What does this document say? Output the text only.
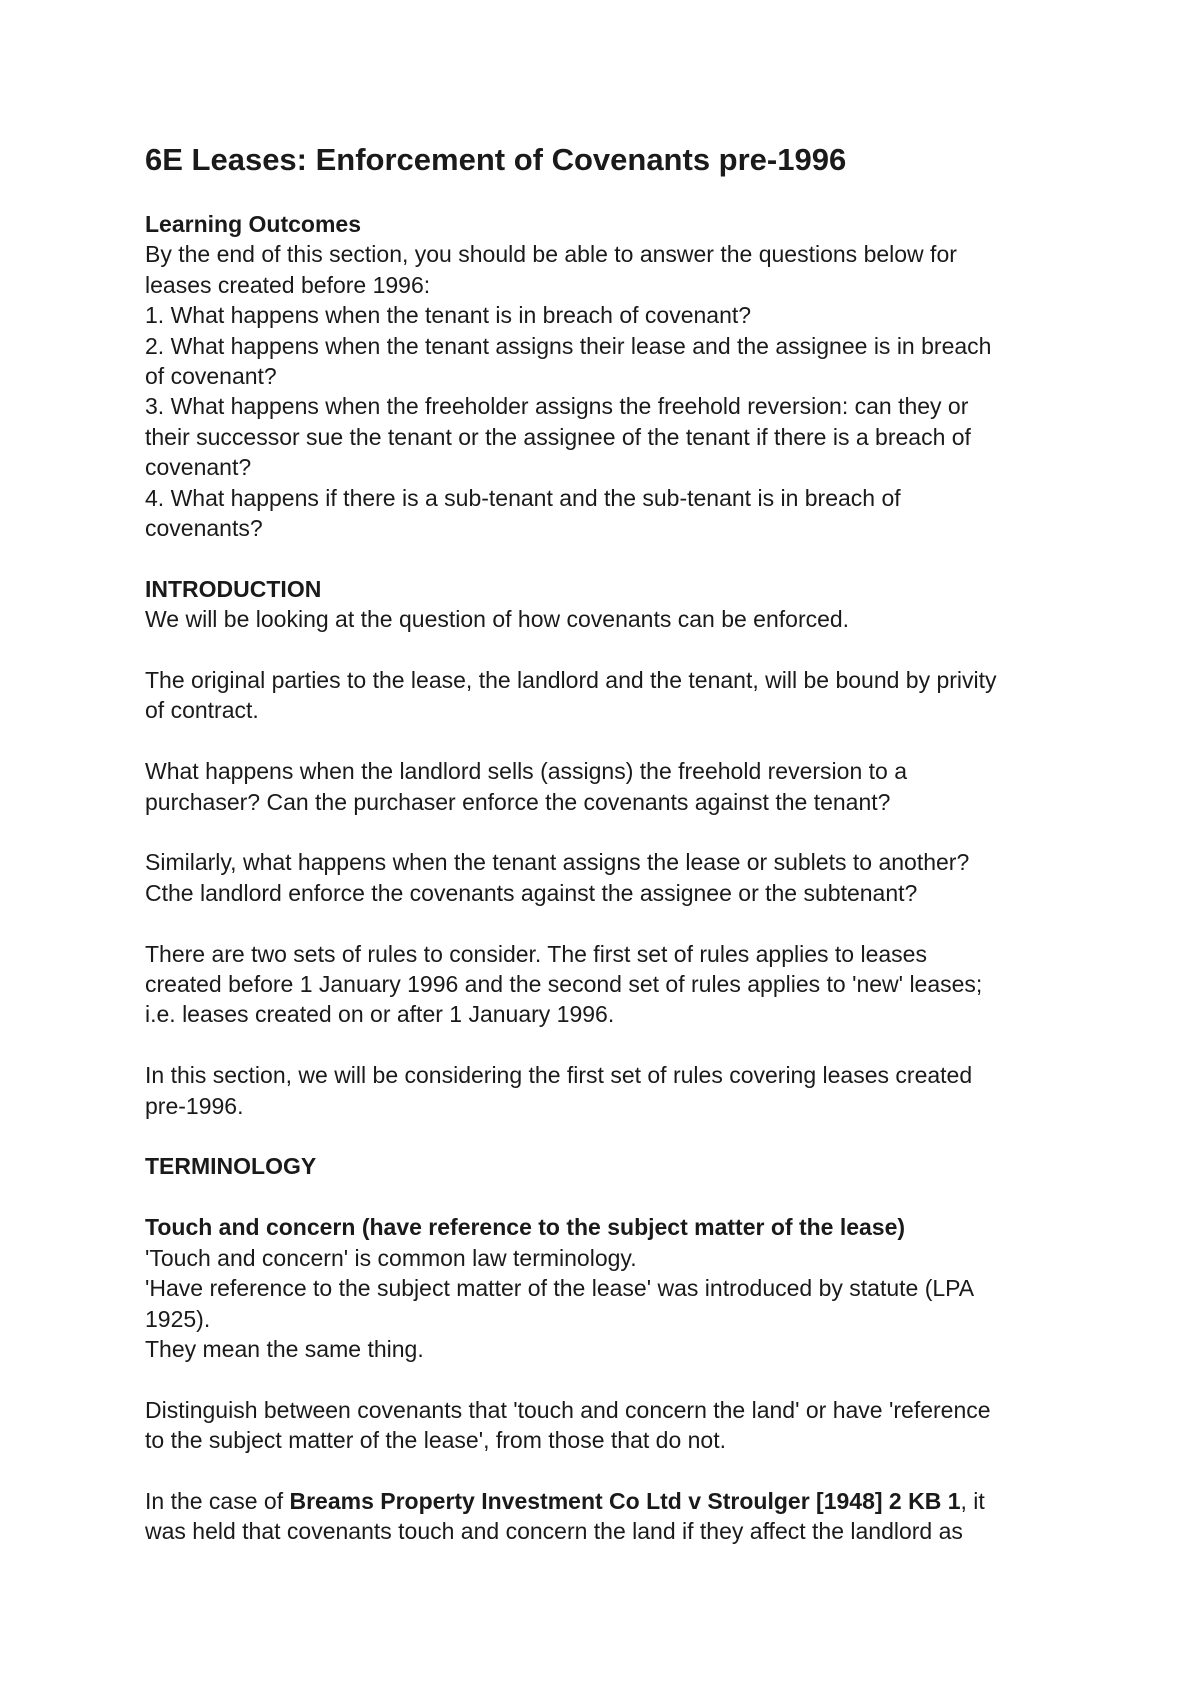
6E Leases: Enforcement of Covenants pre-1996
Learning Outcomes
By the end of this section, you should be able to answer the questions below for
leases created before 1996:
1. What happens when the tenant is in breach of covenant?
2. What happens when the tenant assigns their lease and the assignee is in breach
of covenant?
3. What happens when the freeholder assigns the freehold reversion: can they or
their successor sue the tenant or the assignee of the tenant if there is a breach of
covenant?
4. What happens if there is a sub-tenant and the sub-tenant is in breach of
covenants?
INTRODUCTION
We will be looking at the question of how covenants can be enforced.
The original parties to the lease, the landlord and the tenant, will be bound by privity
of contract.
What happens when the landlord sells (assigns) the freehold reversion to a
purchaser? Can the purchaser enforce the covenants against the tenant?
Similarly, what happens when the tenant assigns the lease or sublets to another?
Cthe landlord enforce the covenants against the assignee or the subtenant?
There are two sets of rules to consider. The first set of rules applies to leases
created before 1 January 1996 and the second set of rules applies to 'new' leases;
i.e. leases created on or after 1 January 1996.
In this section, we will be considering the first set of rules covering leases created
pre-1996.
TERMINOLOGY
Touch and concern (have reference to the subject matter of the lease)
'Touch and concern' is common law terminology.
'Have reference to the subject matter of the lease' was introduced by statute (LPA
1925).
They mean the same thing.
Distinguish between covenants that 'touch and concern the land' or have 'reference
to the subject matter of the lease', from those that do not.
In the case of Breams Property Investment Co Ltd v Stroulger [1948] 2 KB 1, it
was held that covenants touch and concern the land if they affect the landlord as
